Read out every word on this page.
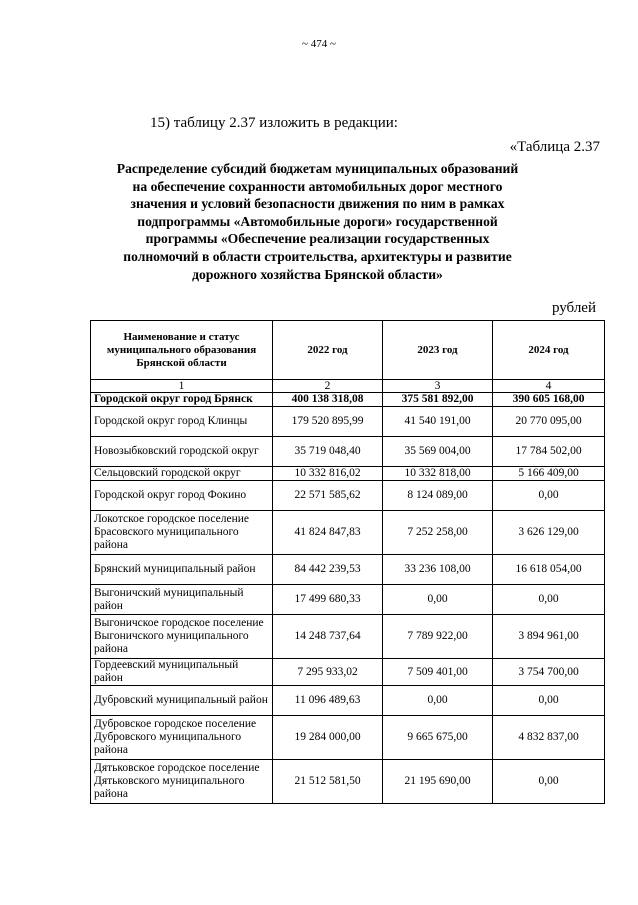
~ 474 ~
15) таблицу 2.37 изложить в редакции:
«Таблица 2.37
Распределение субсидий бюджетам муниципальных образований
на обеспечение сохранности автомобильных дорог местного
значения и условий безопасности движения по ним в рамках
подпрограммы «Автомобильные дороги» государственной
программы «Обеспечение реализации государственных
полномочий в области строительства, архитектуры и развитие
дорожного хозяйства Брянской области»
рублей
Наименование и статус муниципального образования Брянской области	2022 год	2023 год	2024 год
1	2	3	4
Городской округ город Брянск	400 138 318,08	375 581 892,00	390 605 168,00
Городской округ город Клинцы	179 520 895,99	41 540 191,00	20 770 095,00
Новозыбковский городской округ	35 719 048,40	35 569 004,00	17 784 502,00
Сельцовский городской округ	10 332 816,02	10 332 818,00	5 166 409,00
Городской округ город Фокино	22 571 585,62	8 124 089,00	0,00
Локотское городское поселение Брасовского муниципального района	41 824 847,83	7 252 258,00	3 626 129,00
Брянский муниципальный район	84 442 239,53	33 236 108,00	16 618 054,00
Выгоничский муниципальный район	17 499 680,33	0,00	0,00
Выгоничское городское поселение Выгоничского муниципального района	14 248 737,64	7 789 922,00	3 894 961,00
Гордеевский муниципальный район	7 295 933,02	7 509 401,00	3 754 700,00
Дубровский муниципальный район	11 096 489,63	0,00	0,00
Дубровское городское поселение Дубровского муниципального района	19 284 000,00	9 665 675,00	4 832 837,00
Дятьковское городское поселение Дятьковского муниципального района	21 512 581,50	21 195 690,00	0,00
